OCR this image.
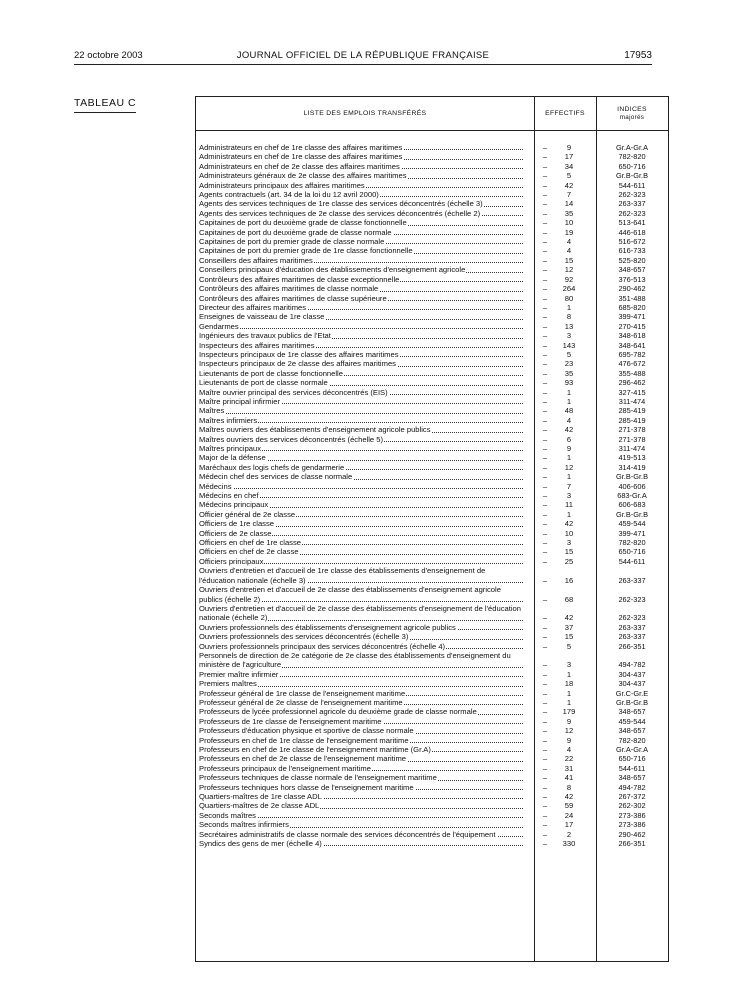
22 octobre 2003	JOURNAL OFFICIEL DE LA RÉPUBLIQUE FRANÇAISE	17953
TABLEAU C
LISTE DES EMPLOIS TRANSFÉRÉS	EFFECTIFS
INDICES
majorés
Administrateurs en chef de 1re classe des affaires maritimes	–	9	Gr.A-Gr.A
Administrateurs en chef de 1re classe des affaires maritimes	–	17	782-820
Administrateurs en chef de 2e classe des affaires maritimes	–	34	650-716
Administrateurs généraux de 2e classe des affaires maritimes	–	5	Gr.B-Gr.B
Administrateurs principaux des affaires maritimes	–	42	544-611
Agents contractuels (art. 34 de la loi du 12 avril 2000)	–	7	262-323
Agents des services techniques de 1re classe des services déconcentrés (échelle 3)	–	14	263-337
Agents des services techniques de 2e classe des services déconcentrés (échelle 2)	–	35	262-323
Capitaines de port du deuxième grade de classe fonctionnelle	–	10	513-641
Capitaines de port du deuxième grade de classe normale	–	19	446-618
Capitaines de port du premier grade de classe normale	–	4	516-672
Capitaines de port du premier grade de 1re classe fonctionnelle	–	4	616-733
Conseillers des affaires maritimes	–	15	525-820
Conseillers principaux d'éducation des établissements d'enseignement agricole	–	12	348-657
Contrôleurs des affaires maritimes de classe exceptionnelle	–	92	376-513
Contrôleurs des affaires maritimes de classe normale	–	264	290-462
Contrôleurs des affaires maritimes de classe supérieure	–	80	351-488
Directeur des affaires maritimes	–	1	685-820
Enseignes de vaisseau de 1re classe	–	8	399-471
Gendarmes	–	13	270-415
Ingénieurs des travaux publics de l'Etat	–	3	348-618
Inspecteurs des affaires maritimes	–	143	348-641
Inspecteurs principaux de 1re classe des affaires maritimes	–	5	695-782
Inspecteurs principaux de 2e classe des affaires maritimes	–	23	476-672
Lieutenants de port de classe fonctionnelle	–	35	355-488
Lieutenants de port de classe normale	–	93	296-462
Maître ouvrier principal des services déconcentrés (EIS)	–	1	327-415
Maître principal infirmier	–	1	311-474
Maîtres	–	48	285-419
Maîtres infirmiers	–	4	285-419
Maîtres ouvriers des établissements d'enseignement agricole publics	–	42	271-378
Maîtres ouvriers des services déconcentrés (échelle 5)	–	6	271-378
Maîtres principaux	–	9	311-474
Major de la défense	–	1	419-513
Maréchaux des logis chefs de gendarmerie	–	12	314-419
Médecin chef des services de classe normale	–	1	Gr.B-Gr.B
Médecins	–	7	406-606
Médecins en chef	–	3	683-Gr.A
Médecins principaux	–	11	606-683
Officier général de 2e classe	–	1	Gr.B-Gr.B
Officiers de 1re classe	–	42	459-544
Officiers de 2e classe	–	10	399-471
Officiers en chef de 1re classe	–	3	782-820
Officiers en chef de 2e classe	–	15	650-716
Officiers principaux	–	25	544-611
Ouvriers d'entretien et d'accueil de 1re classe des établissements d'enseignement de l'éducation nationale (échelle 3)	–	16	263-337
Ouvriers d'entretien et d'accueil de 2e classe des établissements d'enseignement agricole publics (échelle 2)	–	68	262-323
Ouvriers d'entretien et d'accueil de 2e classe des établissements d'enseignement de l'éducation nationale (échelle 2)	–	42	262-323
Ouvriers professionnels des établissements d'enseignement agricole publics	–	37	263-337
Ouvriers professionnels des services déconcentrés (échelle 3)	–	15	263-337
Ouvriers professionnels principaux des services déconcentrés (échelle 4)	–	5	266-351
Personnels de direction de 2e catégorie de 2e classe des établissements d'enseignement du ministère de l'agriculture	–	3	494-782
Premier maître infirmier	–	1	304-437
Premiers maîtres	–	18	304-437
Professeur général de 1re classe de l'enseignement maritime	–	1	Gr.C-Gr.E
Professeur général de 2e classe de l'enseignement maritime	–	1	Gr.B-Gr.B
Professeurs de lycée professionnel agricole du deuxième grade de classe normale	–	179	348-657
Professeurs de 1re classe de l'enseignement maritime	–	9	459-544
Professeurs d'éducation physique et sportive de classe normale	–	12	348-657
Professeurs en chef de 1re classe de l'enseignement maritime	–	9	782-820
Professeurs en chef de 1re classe de l'enseignement maritime (Gr.A)	–	4	Gr.A-Gr.A
Professeurs en chef de 2e classe de l'enseignement maritime	–	22	650-716
Professeurs principaux de l'enseignement maritime	–	31	544-611
Professeurs techniques de classe normale de l'enseignement maritime	–	41	348-657
Professeurs techniques hors classe de l'enseignement maritime	–	8	494-782
Quartiers-maîtres de 1re classe ADL	–	42	267-372
Quartiers-maîtres de 2e classe ADL	–	59	262-302
Seconds maîtres	–	24	273-386
Seconds maîtres infirmiers	–	17	273-386
Secrétaires administratifs de classe normale des services déconcentrés de l'équipement	–	2	290-462
Syndics des gens de mer (échelle 4)	–	330	266-351
